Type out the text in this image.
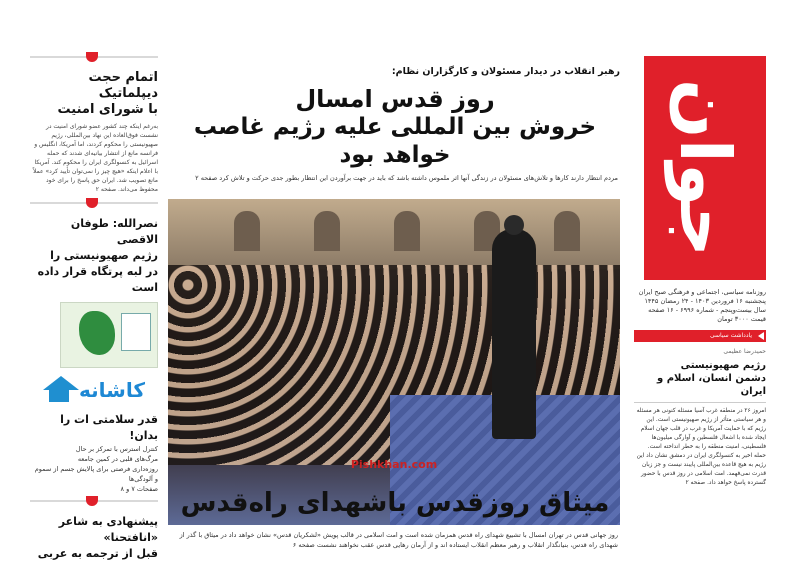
اتمام حجت دیپلماتیک
با شورای امنیت
به‌رغم اینکه چند کشور عضو شورای امنیت در نشست فوق‌العاده این نهاد بین‌المللی، رژیم صهیونیستی را محکوم کردند، اما آمریکا، انگلیس و فرانسه مانع از انتشار بیانیه‌ای شدند که حمله اسرائیل به کنسولگری ایران را محکوم کند. آمریکا با اعلام اینکه «هیچ چیز را نمی‌توان تأیید کرد» عملاً مانع تصویب شد. ایران حق پاسخ را برای خود محفوظ می‌داند. صفحه ۲
نصرالله: طوفان الاقصی
رژیم صهیونیستی را
در لبه پرتگاه قرار داده است
کاشانه
قدر سلامتی ات را بدان!
کنترل استرس با تمرکز بر حال
مرگ‌های قلبی در کمین جامعه
روزه‌داری فرصتی برای پالایش جسم از سموم و آلودگی‌ها
صفحات ۷ و ۸
پیشنهادی به شاعر «انافتحنا»
قبل از ترجمه به عربی
رهبر انقلاب در دیدار مسئولان و کارگزاران نظام:
روز قدس امسال
خروش بین المللی علیه رژیم غاصب خواهد بود
مردم انتظار دارند کارها و تلاش‌های مسئولان در زندگی آنها اثر ملموس داشته باشد که باید در جهت برآوردن این انتظار بطور جدی حرکت و تلاش کرد صفحه ۲
Pishkhan.com
میثاق روزقدس باشهدای راه‌قدس
روز جهانی قدس در تهران امسال با تشییع شهدای راه قدس همزمان شده است و امت اسلامی در قالب پویش «لشکریان قدس» نشان خواهد داد در میثاق با گذر از شهدای راه قدس، بنیانگذار انقلاب و رهبر معظم انقلاب ایستاده اند و از آرمان رهایی قدس عقب نخواهند نشست صفحه ۶
جوان
روزنامه سیاسی، اجتماعی و فرهنگی صبح ایران
پنجشنبه ۱۶ فروردین ۱۴۰۳ - ۲۴ رمضان ۱۴۴۵
سال بیست‌وپنجم - شماره ۶۹۹۶ - ۱۶ صفحه
قیمت ۳۰۰۰ تومان
یادداشت سیاسی
حمیدرضا عظیمی
رژیم صهیونیستی
دشمن انسان، اسلام و ایران
امروز ۲۶ در منطقه غرب آسیا مسئله کنونی هر مسئله و هر سیاستی متأثر از رژیم صهیونیستی است. این رژیم که با حمایت آمریکا و غرب در قلب جهان اسلام ایجاد شده با اشغال فلسطین و آوارگی میلیون‌ها فلسطینی، امنیت منطقه را به خطر انداخته است. حمله اخیر به کنسولگری ایران در دمشق نشان داد این رژیم به هیچ قاعده بین‌المللی پایبند نیست و جز زبان قدرت نمی‌فهمد. امت اسلامی در روز قدس با حضور گسترده پاسخ خواهد داد. صفحه ۲
